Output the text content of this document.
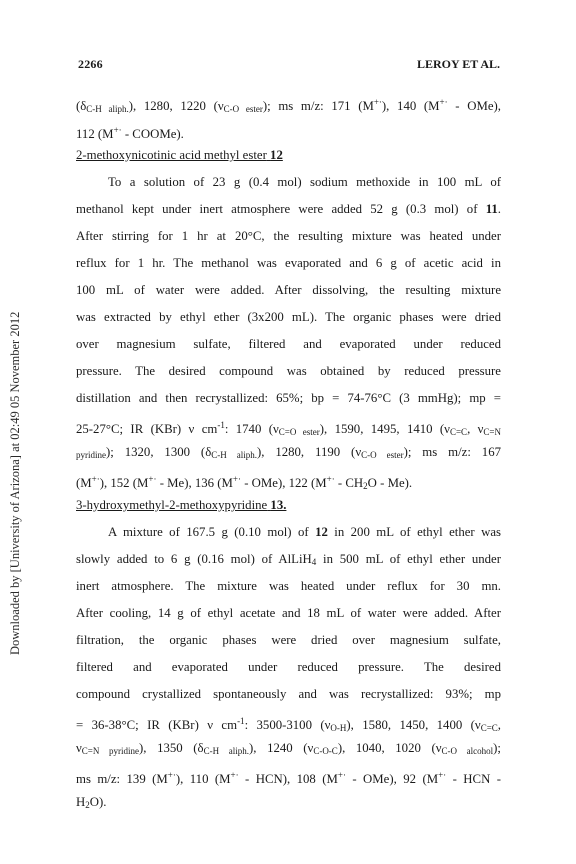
2266	LEROY ET AL.
Downloaded by [University of Arizona] at 02:49 05 November 2012
$(\delta_{C-H aliph.})$, 1280, 1220 $(\nu_{C-O ester})$; ms m/z: 171 (M+·), 140 (M+· - OMe),
112 (M+· - COOMe).
2-methoxynicotinic acid methyl ester 12
To a solution of 23 g (0.4 mol) sodium methoxide in 100 mL of
methanol kept under inert atmosphere were added 52 g (0.3 mol) of 11.
After stirring for 1 hr at 20°C, the resulting mixture was heated under
reflux for 1 hr. The methanol was evaporated and 6 g of acetic acid in
100 mL of water were added. After dissolving, the resulting mixture
was extracted by ethyl ether (3x200 mL). The organic phases were dried
over magnesium sulfate, filtered and evaporated under reduced
pressure. The desired compound was obtained by reduced pressure
distillation and then recrystallized: 65%; bp = 74-76°C (3 mmHg); mp =
25-27°C; IR (KBr) ν $cm^{-1}$: 1740 $(\nu_{C=O ester})$, 1590, 1495, 1410 ($\nu_{C=C}$, $\nu_{C=N}$
$_{pyridine}$); 1320, 1300 $(\delta_{C-H aliph.})$, 1280, 1190 $(\nu_{C-O ester})$; ms m/z: 167
(M+·), 152 (M+· - Me), 136 (M+· - OMe), 122 $(M^{+\cdot} - CH_2O - Me)$.
3-hydroxymethyl-2-methoxypyridine 13.
A mixture of 167.5 g (0.10 mol) of 12 in 200 mL of ethyl ether was
slowly added to 6 g (0.16 mol) of AlLiH$_4$ in 500 mL of ethyl ether under
inert atmosphere. The mixture was heated under reflux for 30 mn.
After cooling, 14 g of ethyl acetate and 18 mL of water were added. After
filtration, the organic phases were dried over magnesium sulfate,
filtered and evaporated under reduced pressure. The desired
compound crystallized spontaneously and was recrystallized: 93%; mp
= 36-38°C; IR (KBr) ν $cm^{-1}$: 3500-3100 $(\nu_{O-H})$, 1580, 1450, 1400 ($\nu_{C=C}$,
$\nu_{C=N pyridine}$), 1350 $(\delta_{C-H aliph.})$, 1240 $(\nu_{C-O-C})$, 1040, 1020 $(\nu_{C-O alcohol})$;
ms m/z: 139 (M+·), 110 (M+· - HCN), 108 (M+· - OMe), 92 (M+· - HCN -
$H_2O$).
